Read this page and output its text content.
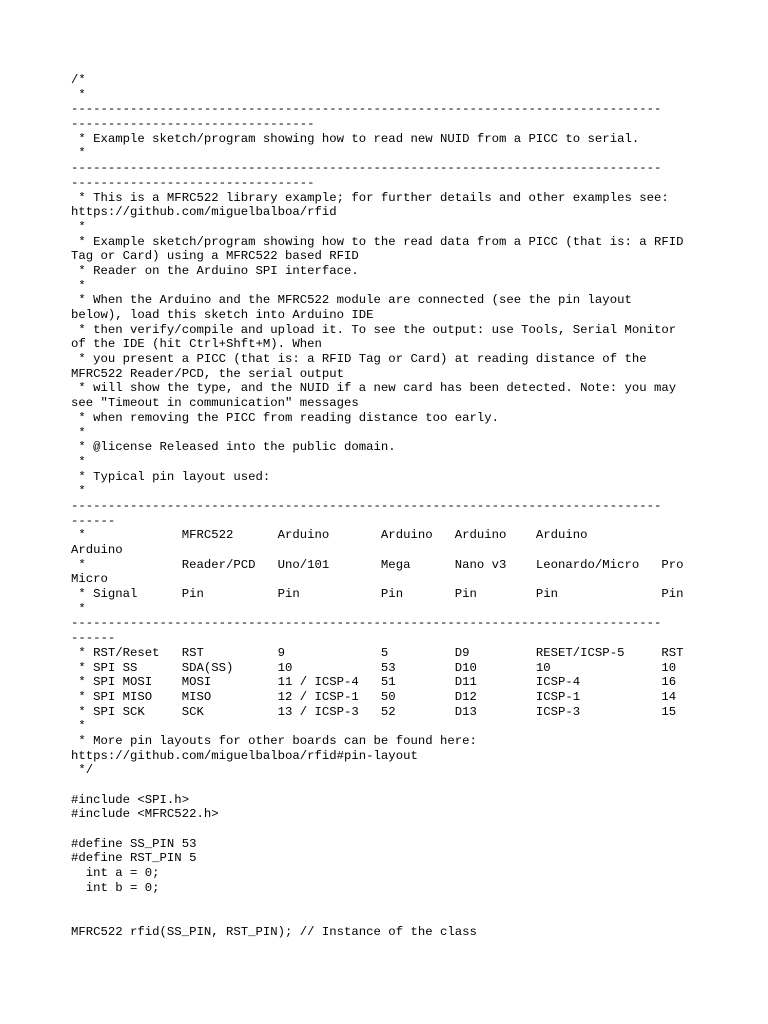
/*
*
--------------------------------------------------------------------------------
---------------------------------
* Example sketch/program showing how to read new NUID from a PICC to serial.
*
--------------------------------------------------------------------------------
---------------------------------
* This is a MFRC522 library example; for further details and other examples see:
https://github.com/miguelbalboa/rfid
*
* Example sketch/program showing how to the read data from a PICC (that is: a RFID
Tag or Card) using a MFRC522 based RFID
* Reader on the Arduino SPI interface.
*
* When the Arduino and the MFRC522 module are connected (see the pin layout
below), load this sketch into Arduino IDE
* then verify/compile and upload it. To see the output: use Tools, Serial Monitor
of the IDE (hit Ctrl+Shft+M). When
* you present a PICC (that is: a RFID Tag or Card) at reading distance of the
MFRC522 Reader/PCD, the serial output
* will show the type, and the NUID if a new card has been detected. Note: you may
see "Timeout in communication" messages
* when removing the PICC from reading distance too early.
*
* @license Released into the public domain.
*
* Typical pin layout used:
*
--------------------------------------------------------------------------------
------
*             MFRC522      Arduino       Arduino   Arduino    Arduino
Arduino
*             Reader/PCD   Uno/101       Mega      Nano v3    Leonardo/Micro   Pro
Micro
* Signal      Pin          Pin           Pin       Pin        Pin              Pin
*
--------------------------------------------------------------------------------
------
* RST/Reset   RST          9             5         D9         RESET/ICSP-5     RST
* SPI SS      SDA(SS)      10            53        D10        10               10
* SPI MOSI    MOSI         11 / ICSP-4   51        D11        ICSP-4           16
* SPI MISO    MISO         12 / ICSP-1   50        D12        ICSP-1           14
* SPI SCK     SCK          13 / ICSP-3   52        D13        ICSP-3           15
*
* More pin layouts for other boards can be found here:
https://github.com/miguelbalboa/rfid#pin-layout
*/
#include <SPI.h>
#include <MFRC522.h>
#define SS_PIN 53
#define RST_PIN 5
int a = 0;
int b = 0;
MFRC522 rfid(SS_PIN, RST_PIN); // Instance of the class
